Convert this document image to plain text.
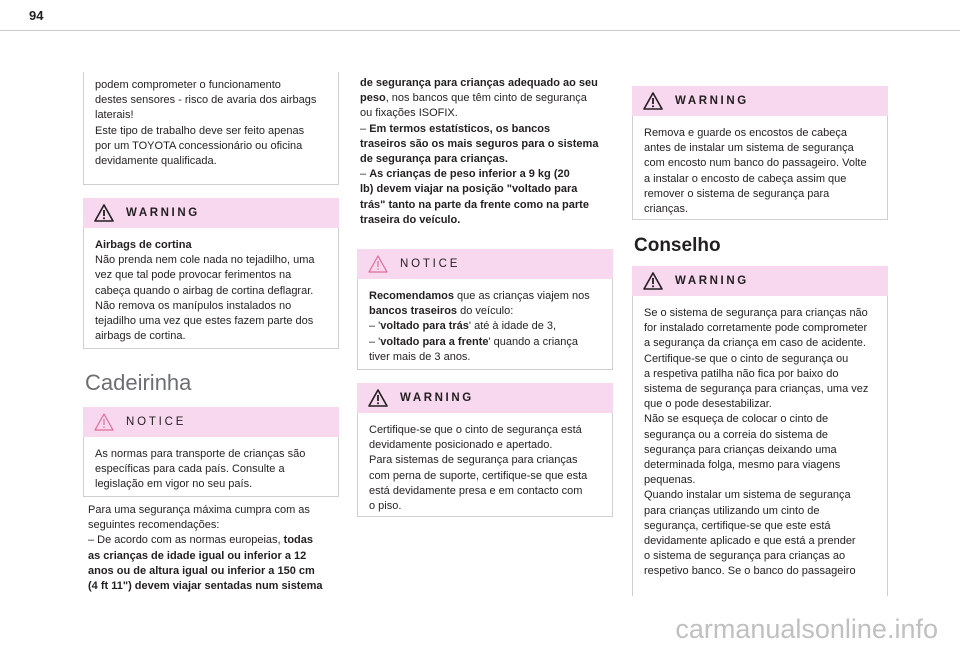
94

podem comprometer o funcionamento

destes sensores - risco de avaria dos airbags

laterais!

Este tipo de trabalho deve ser feito apenas

por um TOYOTA concessionário ou oficina

devidamente qualificada.

WARNING

Airbags de cortina

Não prenda nem cole nada no tejadilho, uma

vez que tal pode provocar ferimentos na

cabeça quando o airbag de cortina deflagrar.

Não remova os manípulos instalados no

tejadilho uma vez que estes fazem parte dos

airbags de cortina.

Cadeirinha
NOTICE

As normas para transporte de crianças são

específicas para cada país. Consulte a

legislação em vigor no seu país.

Para uma segurança máxima cumpra com as

seguintes recomendações:

– De acordo com as normas europeias, todas

as crianças de idade igual ou inferior a 12

anos ou de altura igual ou inferior a 150 cm

(4 ft 11") devem viajar sentadas num sistema

de segurança para crianças adequado ao seu

peso, nos bancos que têm cinto de segurança

ou fixações ISOFIX.

– Em termos estatísticos, os bancos

traseiros são os mais seguros para o sistema

de segurança para crianças.

– As crianças de peso inferior a 9 kg (20

lb) devem viajar na posição "voltado para

trás" tanto na parte da frente como na parte

traseira do veículo.

NOTICE

Recomendamos que as crianças viajem nos

bancos traseiros do veículo:

– 'voltado para trás' até à idade de 3,

– 'voltado para a frente' quando a criança

tiver mais de 3 anos.

WARNING

Certifique-se que o cinto de segurança está

devidamente posicionado e apertado.

Para sistemas de segurança para crianças

com perna de suporte, certifique-se que esta

está devidamente presa e em contacto com

o piso.

WARNING

Remova e guarde os encostos de cabeça

antes de instalar um sistema de segurança

com encosto num banco do passageiro. Volte

a instalar o encosto de cabeça assim que

remover o sistema de segurança para

crianças.

Conselho
WARNING

Se o sistema de segurança para crianças não

for instalado corretamente pode comprometer

a segurança da criança em caso de acidente.

Certifique-se que o cinto de segurança ou

a respetiva patilha não fica por baixo do

sistema de segurança para crianças, uma vez

que o pode desestabilizar.

Não se esqueça de colocar o cinto de

segurança ou a correia do sistema de

segurança para crianças deixando uma

determinada folga, mesmo para viagens

pequenas.

Quando instalar um sistema de segurança

para crianças utilizando um cinto de

segurança, certifique-se que este está

devidamente aplicado e que está a prender

o sistema de segurança para crianças ao

respetivo banco. Se o banco do passageiro

carmanualsonline.info
